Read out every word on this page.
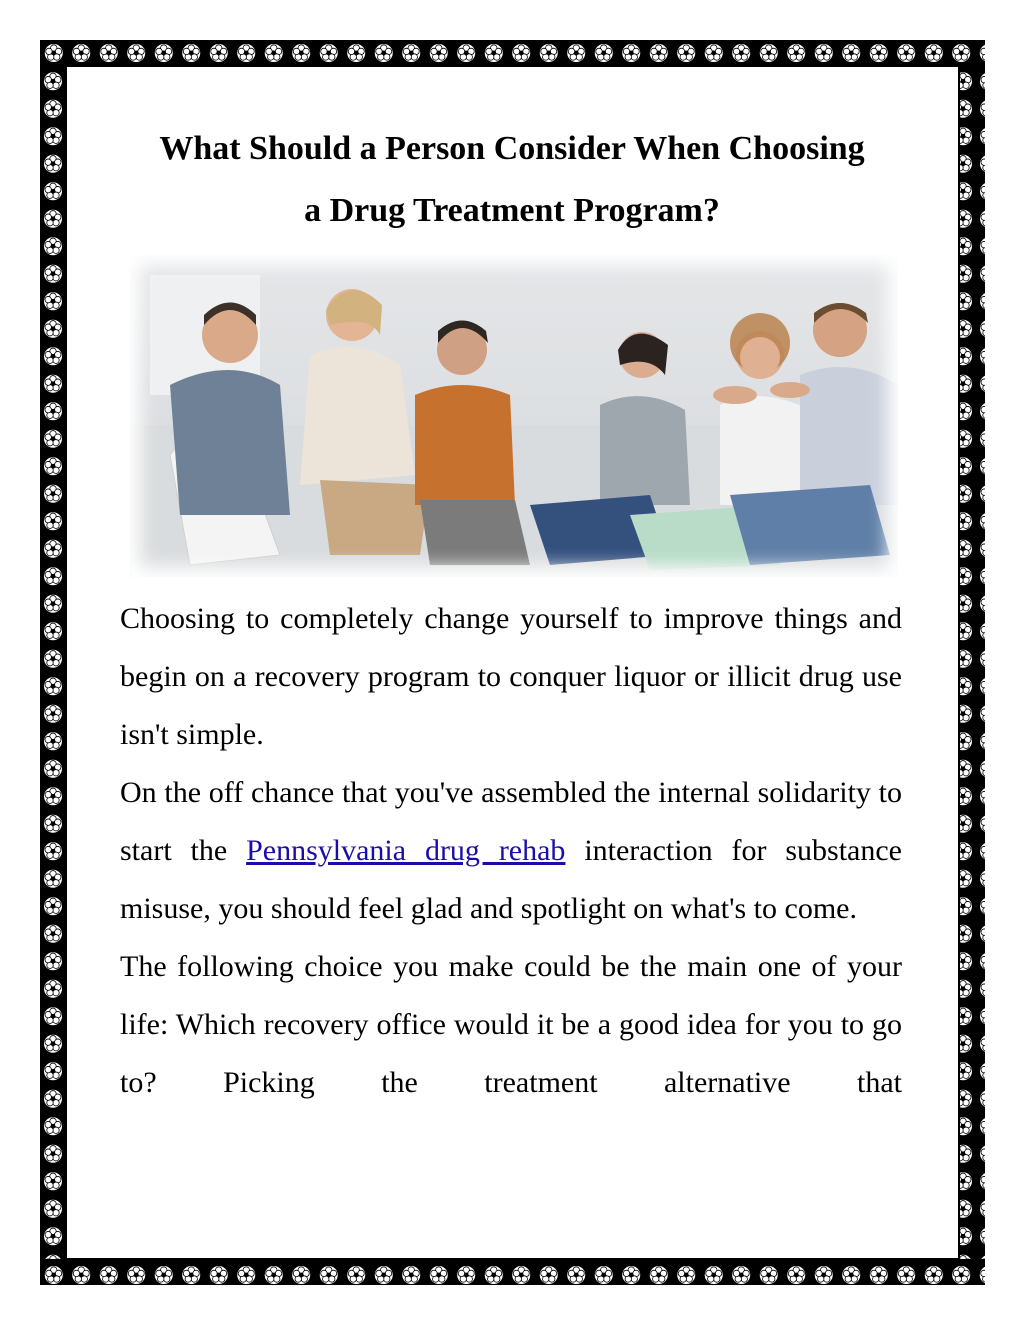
What Should a Person Consider When Choosing
a Drug Treatment Program?

Choosing to completely change yourself to improve things and begin on a recovery program to conquer liquor or illicit drug use isn't simple.

On the off chance that you've assembled the internal solidarity to start the Pennsylvania drug rehab interaction for substance misuse, you should feel glad and spotlight on what's to come.

The following choice you make could be the main one of your life: Which recovery office would it be a good idea for you to go to? Picking the treatment alternative that
